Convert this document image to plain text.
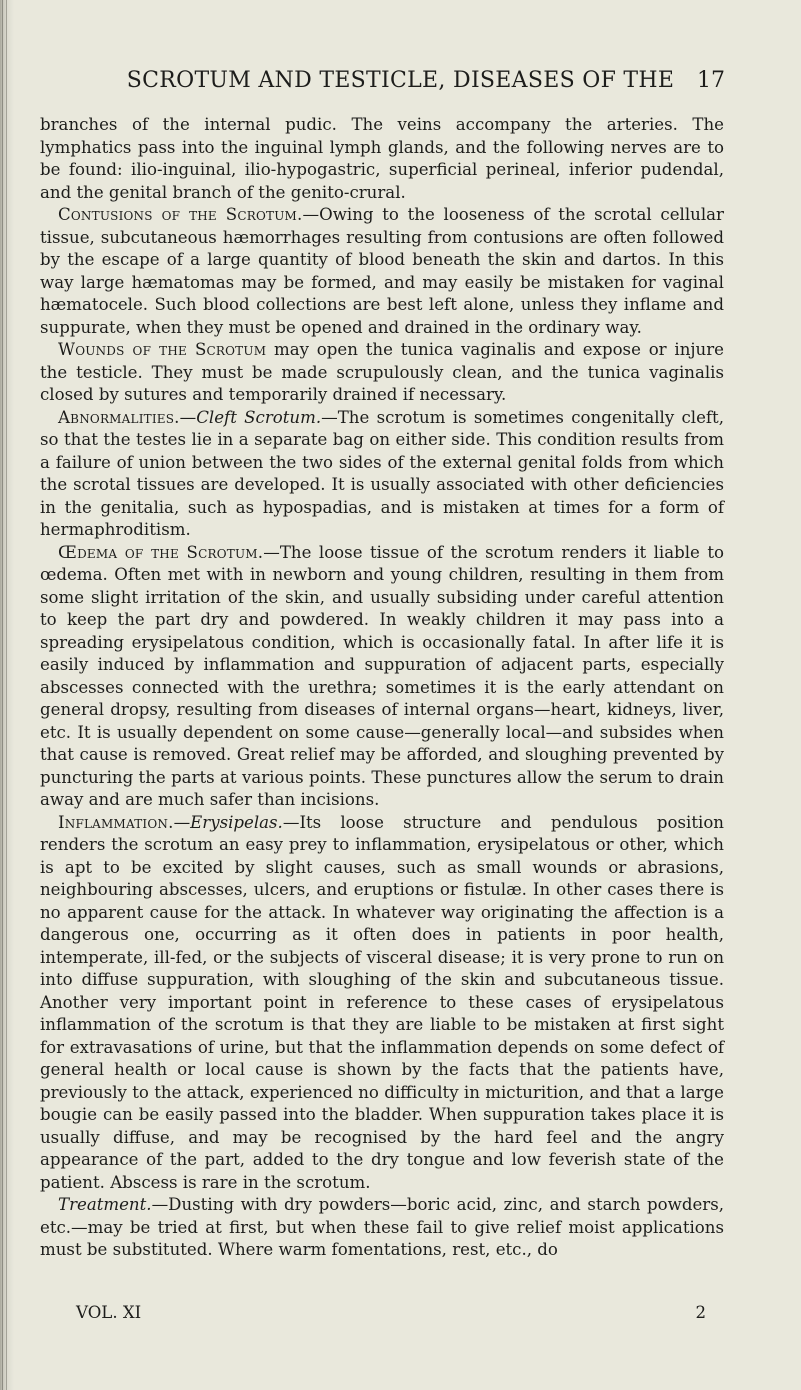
SCROTUM AND TESTICLE, DISEASES OF THE	17

branches of the internal pudic. The veins accompany the arteries. The lymphatics pass into the inguinal lymph glands, and the following nerves are to be found: ilio-inguinal, ilio-hypogastric, superficial perineal, inferior pudendal, and the genital branch of the genito-crural.

Contusions of the Scrotum.—Owing to the looseness of the scrotal cellular tissue, subcutaneous hæmorrhages resulting from contusions are often followed by the escape of a large quantity of blood beneath the skin and dartos. In this way large hæmatomas may be formed, and may easily be mistaken for vaginal hæmatocele. Such blood collections are best left alone, unless they inflame and suppurate, when they must be opened and drained in the ordinary way.

Wounds of the Scrotum may open the tunica vaginalis and expose or injure the testicle. They must be made scrupulously clean, and the tunica vaginalis closed by sutures and temporarily drained if necessary.

Abnormalities.—Cleft Scrotum.—The scrotum is sometimes congenitally cleft, so that the testes lie in a separate bag on either side. This condition results from a failure of union between the two sides of the external genital folds from which the scrotal tissues are developed. It is usually associated with other deficiencies in the genitalia, such as hypospadias, and is mistaken at times for a form of hermaphroditism.

Œdema of the Scrotum.—The loose tissue of the scrotum renders it liable to œdema. Often met with in newborn and young children, resulting in them from some slight irritation of the skin, and usually subsiding under careful attention to keep the part dry and powdered. In weakly children it may pass into a spreading erysipelatous condition, which is occasionally fatal. In after life it is easily induced by inflammation and suppuration of adjacent parts, especially abscesses connected with the urethra; sometimes it is the early attendant on general dropsy, resulting from diseases of internal organs—heart, kidneys, liver, etc. It is usually dependent on some cause—generally local—and subsides when that cause is removed. Great relief may be afforded, and sloughing prevented by puncturing the parts at various points. These punctures allow the serum to drain away and are much safer than incisions.

Inflammation.—Erysipelas.—Its loose structure and pendulous position renders the scrotum an easy prey to inflammation, erysipelatous or other, which is apt to be excited by slight causes, such as small wounds or abrasions, neighbouring abscesses, ulcers, and eruptions or fistulæ. In other cases there is no apparent cause for the attack. In whatever way originating the affection is a dangerous one, occurring as it often does in patients in poor health, intemperate, ill-fed, or the subjects of visceral disease; it is very prone to run on into diffuse suppuration, with sloughing of the skin and subcutaneous tissue. Another very important point in reference to these cases of erysipelatous inflammation of the scrotum is that they are liable to be mistaken at first sight for extravasations of urine, but that the inflammation depends on some defect of general health or local cause is shown by the facts that the patients have, previously to the attack, experienced no difficulty in micturition, and that a large bougie can be easily passed into the bladder. When suppuration takes place it is usually diffuse, and may be recognised by the hard feel and the angry appearance of the part, added to the dry tongue and low feverish state of the patient. Abscess is rare in the scrotum.

Treatment.—Dusting with dry powders—boric acid, zinc, and starch powders, etc.—may be tried at first, but when these fail to give relief moist applications must be substituted. Where warm fomentations, rest, etc., do

VOL. XI	2
